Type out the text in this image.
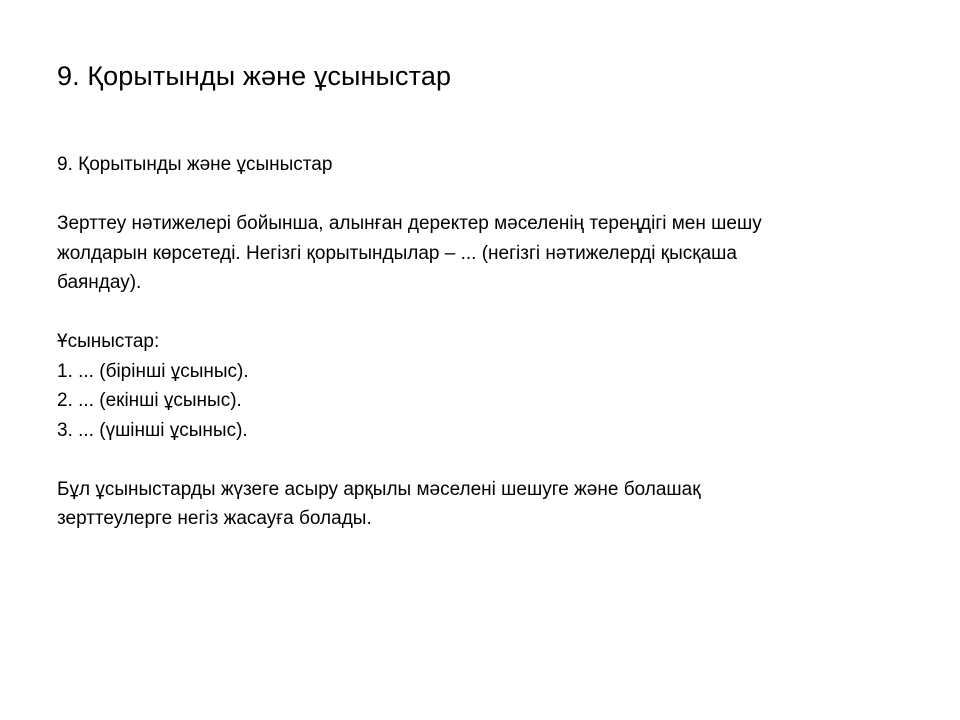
9. Қорытынды және ұсыныстар
9. Қорытынды және ұсыныстар
Зерттеу нәтижелері бойынша, алынған деректер мәселенің тереңдігі мен шешу
жолдарын көрсетеді. Негізгі қорытындылар – ... (негізгі нәтижелерді қысқаша
баяндау).
Ұсыныстар:
1. ... (бірінші ұсыныс).
2. ... (екінші ұсыныс).
3. ... (үшінші ұсыныс).
Бұл ұсыныстарды жүзеге асыру арқылы мәселені шешуге және болашақ
зерттеулерге негіз жасауға болады.
